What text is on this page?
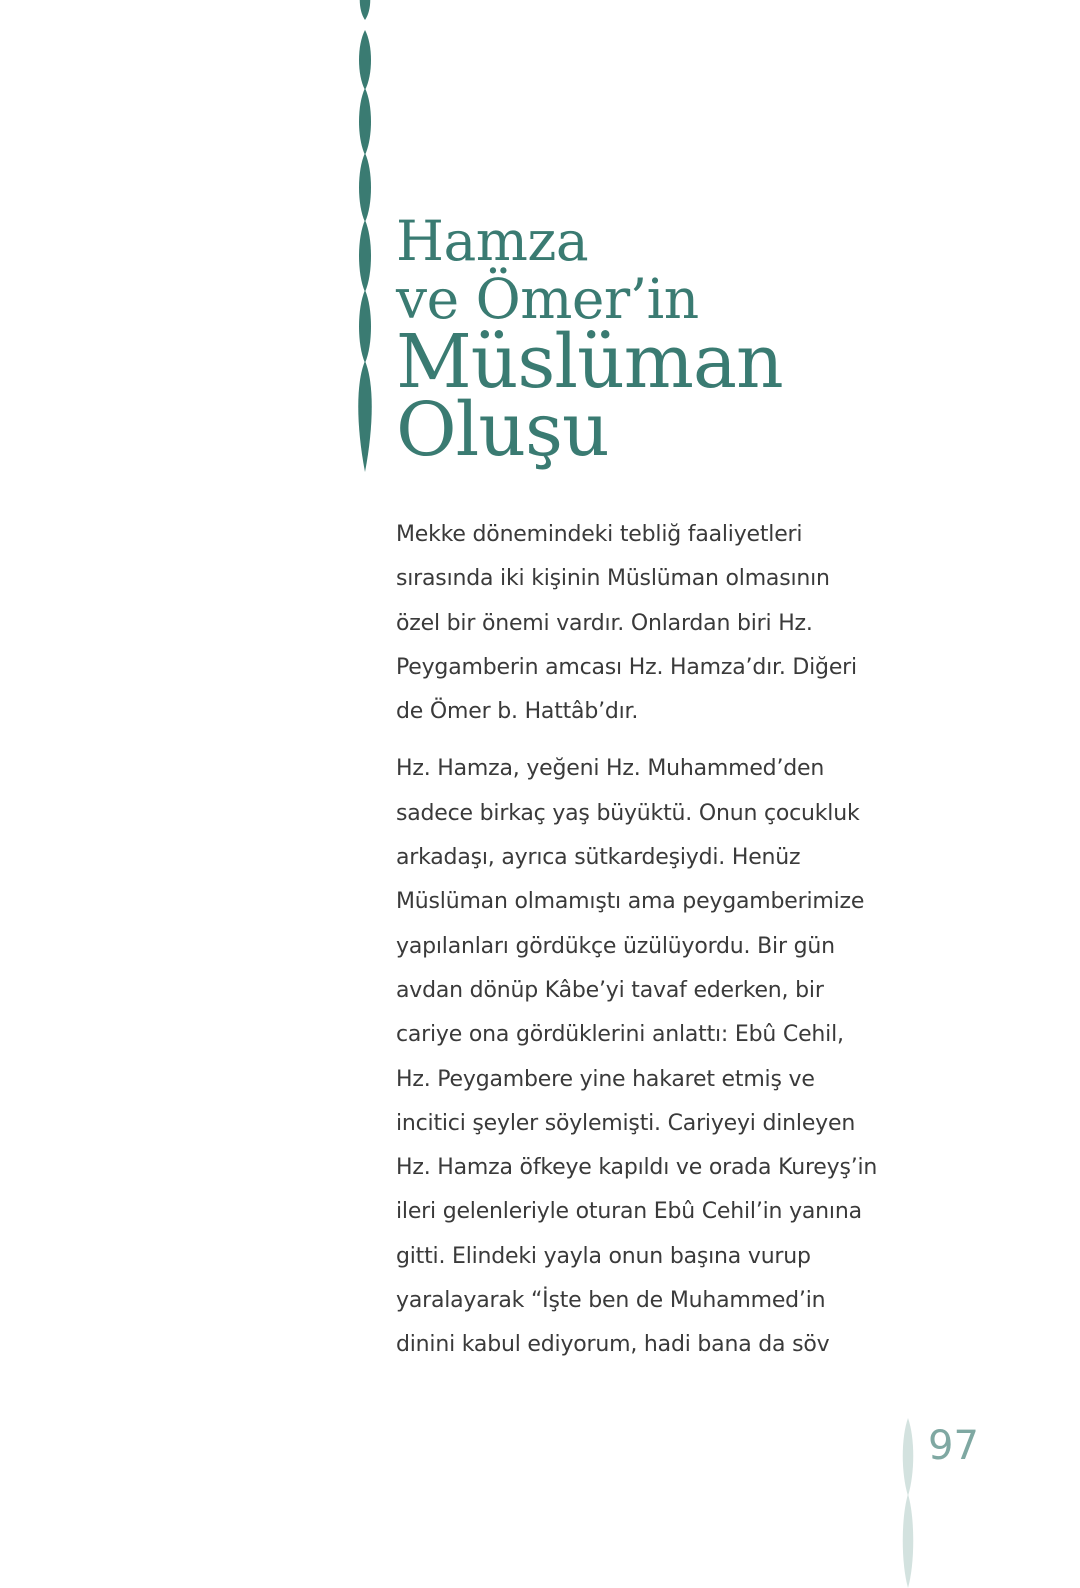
Hamza
ve Ömer’in
Müslüman
Oluşu

Mekke dönemindeki tebliğ faaliyetleri
sırasında iki kişinin Müslüman olmasının
özel bir önemi vardır. Onlardan biri Hz.
Peygamberin amcası Hz. Hamza’dır. Diğeri
de Ömer b. Hattâb’dır.

Hz. Hamza, yeğeni Hz. Muhammed’den
sadece birkaç yaş büyüktü. Onun çocukluk
arkadaşı, ayrıca sütkardeşiydi. Henüz
Müslüman olmamıştı ama peygamberimize
yapılanları gördükçe üzülüyordu. Bir gün
avdan dönüp Kâbe’yi tavaf ederken, bir
cariye ona gördüklerini anlattı: Ebû Cehil,
Hz. Peygambere yine hakaret etmiş ve
incitici şeyler söylemişti. Cariyeyi dinleyen
Hz. Hamza öfkeye kapıldı ve orada Kureyş’in
ileri gelenleriyle oturan Ebû Cehil’in yanına
gitti. Elindeki yayla onun başına vurup
yaralayarak “İşte ben de Muhammed’in
dinini kabul ediyorum, hadi bana da söv

97
